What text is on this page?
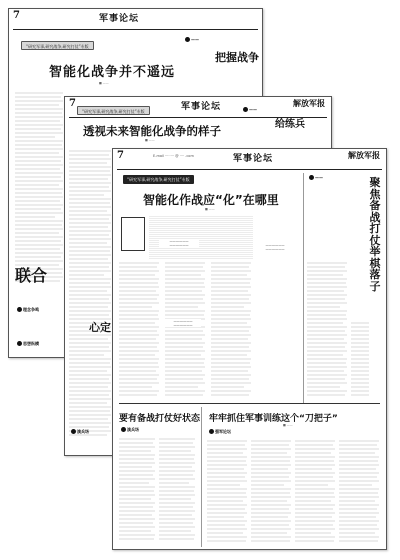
7	军事论坛
“研究军事,研究战争,研究打仗”专版
智能化战争并不遥远
■ ——
——
把握战争
联合
理念争鸣
思想纵横
7	军事论坛	解放军报
“研究军事,研究战争,研究打仗”专版
透视未来智能化战争的样子
■ ——
——
给练兵
心定
演兵场
7	E-mail ········ @ ···· .com	军事论坛	解放军报
“研究军事,研究战争,研究打仗”专版
智能化作战应“化”在哪里
■ ——
聚
焦
备
战
打
仗
举
棋
落
子
——
——————
——————	——————
——————
——————
——————
要有备战打仗好状态
演兵场
牢牢抓住军事训练这个“刀把子”
■ ——
强军论坛
